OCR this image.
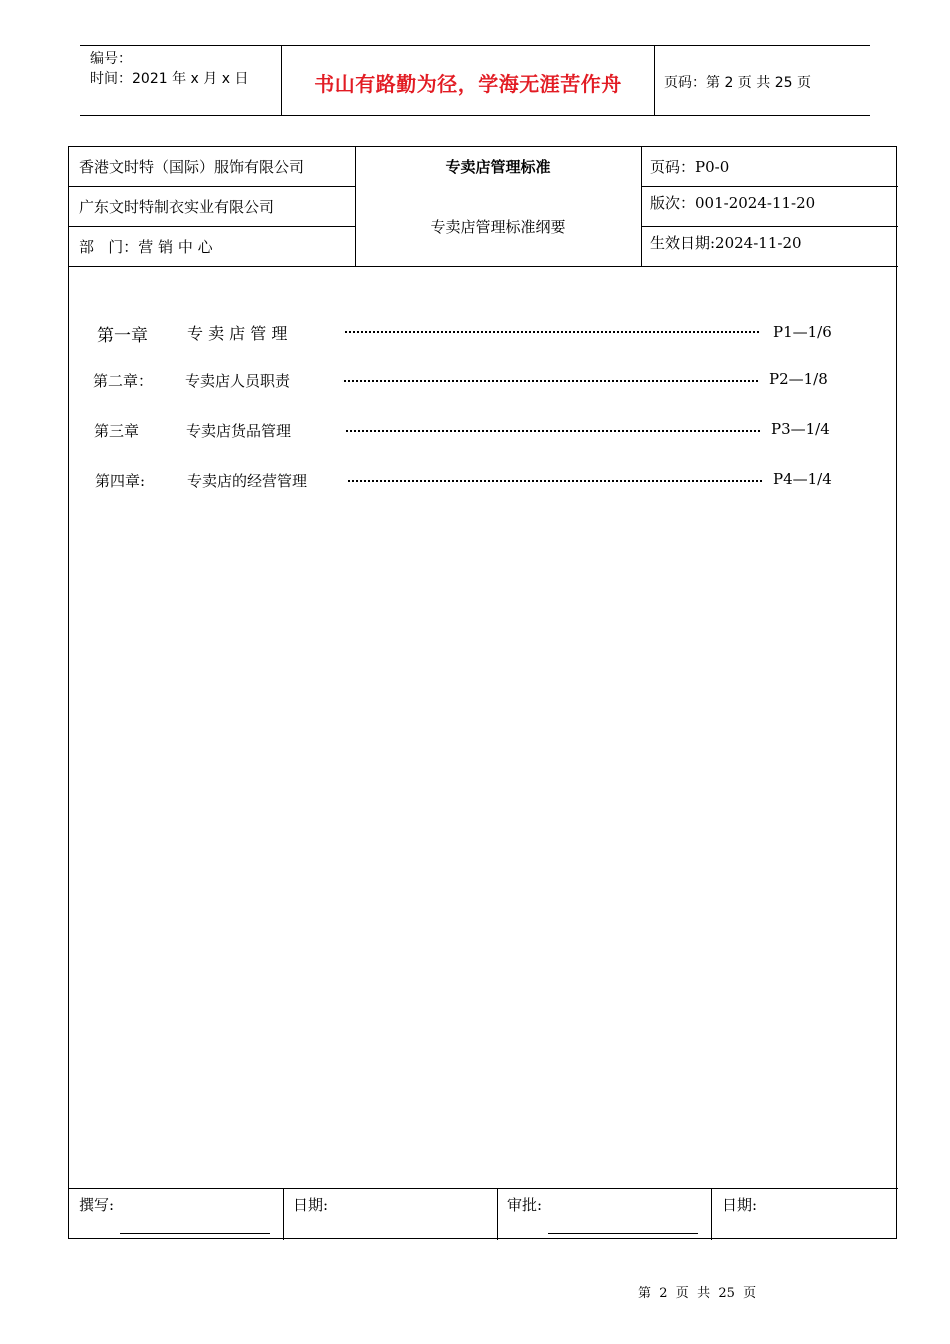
编号：
时间：2021 年 x 月 x 日	书山有路勤为径，学海无涯苦作舟	页码：第 2 页 共 25 页
香港文时特（国际）服饰有限公司
广东文时特制衣实业有限公司
部   门：营 销 中 心
专卖店管理标准
专卖店管理标准纲要
页码：P0-0
版次：001-2024-11-20
生效日期:2024-11-20
第一章 专 卖 店 管 理	P1—1/6
第二章： 专卖店人员职责	P2—1/8
第三章	专卖店货品管理	P3—1/4
第四章:	专卖店的经营管理	P4—1/4
撰写:	日期:	审批:	日期:
第  2  页  共  25  页
